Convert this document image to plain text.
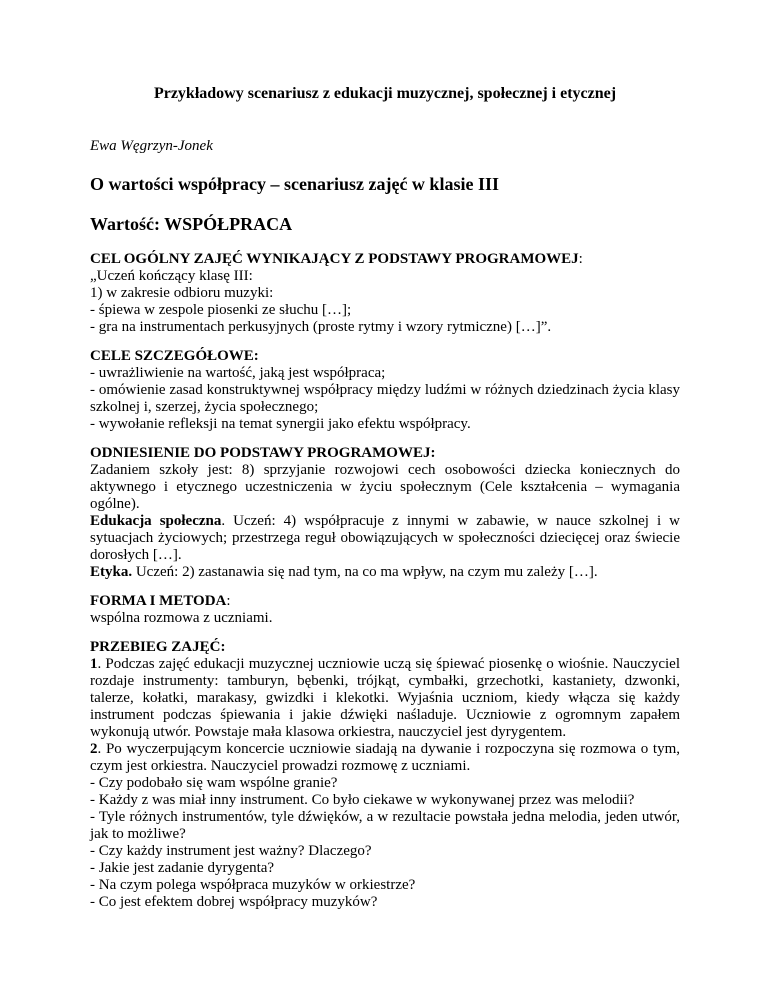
Przykładowy scenariusz z edukacji muzycznej, społecznej i etycznej
Ewa Węgrzyn-Jonek
O wartości współpracy – scenariusz zajęć w klasie III
Wartość: WSPÓŁPRACA
CEL OGÓLNY ZAJĘĆ WYNIKAJĄCY Z PODSTAWY PROGRAMOWEJ:
„Uczeń kończący klasę III:
1) w zakresie odbioru muzyki:
- śpiewa w zespole piosenki ze słuchu […];
- gra na instrumentach perkusyjnych (proste rytmy i wzory rytmiczne) […]”.
CELE SZCZEGÓŁOWE:
- uwrażliwienie na wartość, jaką jest współpraca;
- omówienie zasad konstruktywnej współpracy między ludźmi w różnych dziedzinach życia klasy szkolnej i, szerzej, życia społecznego;
- wywołanie refleksji na temat synergii jako efektu współpracy.
ODNIESIENIE DO PODSTAWY PROGRAMOWEJ:
Zadaniem szkoły jest: 8) sprzyjanie rozwojowi cech osobowości dziecka koniecznych do aktywnego i etycznego uczestniczenia w życiu społecznym (Cele kształcenia – wymagania ogólne).
Edukacja społeczna. Uczeń: 4) współpracuje z innymi w zabawie, w nauce szkolnej i w sytuacjach życiowych; przestrzega reguł obowiązujących w społeczności dziecięcej oraz świecie dorosłych […].
Etyka. Uczeń: 2) zastanawia się nad tym, na co ma wpływ, na czym mu zależy […].
FORMA I METODA:
wspólna rozmowa z uczniami.
PRZEBIEG ZAJĘĆ:
1. Podczas zajęć edukacji muzycznej uczniowie uczą się śpiewać piosenkę o wiośnie. Nauczyciel rozdaje instrumenty: tamburyn, bębenki, trójkąt, cymbałki, grzechotki, kastaniety, dzwonki, talerze, kołatki, marakasy, gwizdki i klekotki. Wyjaśnia uczniom, kiedy włącza się każdy instrument podczas śpiewania i jakie dźwięki naśladuje. Uczniowie z ogromnym zapałem wykonują utwór. Powstaje mała klasowa orkiestra, nauczyciel jest dyrygentem.
2. Po wyczerpującym koncercie uczniowie siadają na dywanie i rozpoczyna się rozmowa o tym, czym jest orkiestra. Nauczyciel prowadzi rozmowę z uczniami.
- Czy podobało się wam wspólne granie?
- Każdy z was miał inny instrument. Co było ciekawe w wykonywanej przez was melodii?
- Tyle różnych instrumentów, tyle dźwięków, a w rezultacie powstała jedna melodia, jeden utwór, jak to możliwe?
- Czy każdy instrument jest ważny? Dlaczego?
- Jakie jest zadanie dyrygenta?
- Na czym polega współpraca muzyków w orkiestrze?
- Co jest efektem dobrej współpracy muzyków?
